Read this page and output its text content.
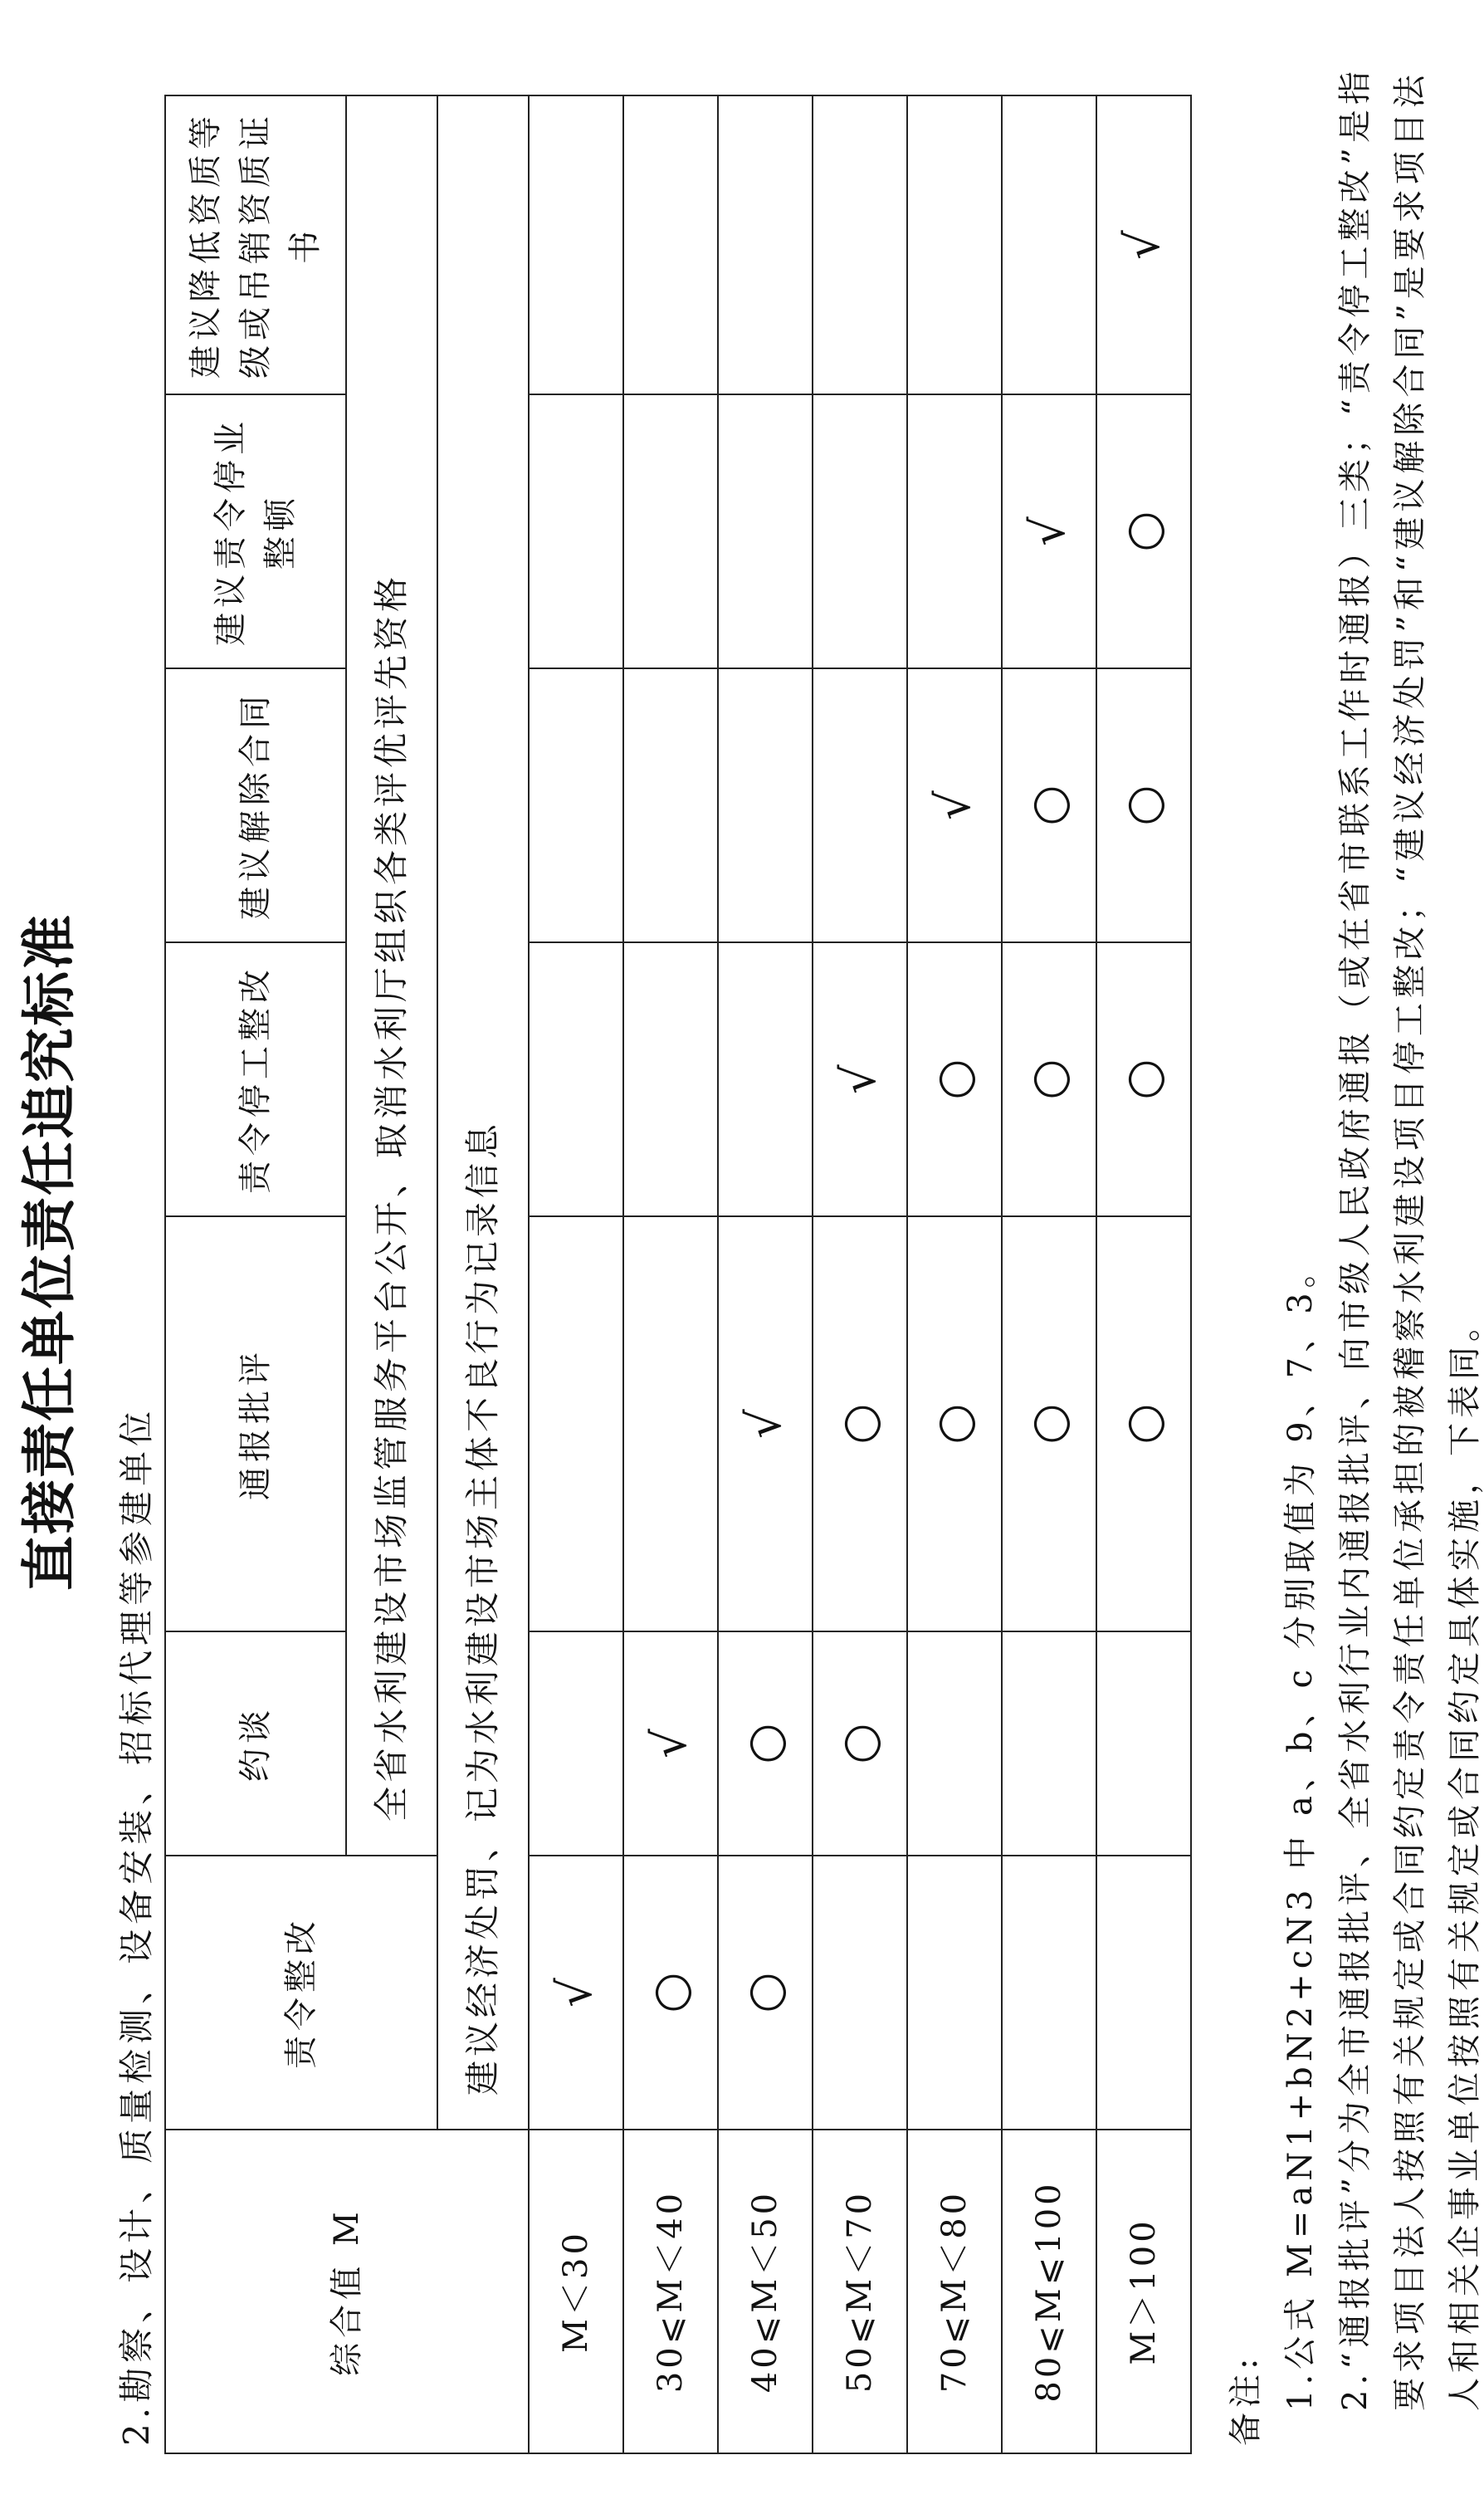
直接责任单位责任追究标准
2.勘察、设计、质量检测、设备安装、招标代理等参建单位	综合值 M	责令整改	约谈	通报批评	责令停工整改	建议解除合同	建议责令停业整顿	建议降低资质等级或吊销资质证书
		全省水利建设市场监管服务平台公开、取消水利厅组织各类评优评先资格					
	建议经济处罚、记为水利建设市场主体不良行为记录信息						
M＜30	√						
30⩽M＜40	○	√					
40⩽M＜50	○	○	√				
50⩽M＜70		○	○	√			
70⩽M＜80			○	○	√		
80⩽M⩽100			○	○	○	√	
M＞100			○	○	○	○	√

备注: 1.公式 M=aN1+bN2+cN3 中 a、b、c 分别取值为 9、7、3。 2.“通报批评”分为全市通报批评、全省水利行业内通报批评、向市级人民政府通报（或在省市联系工作时通报）三类；“责令停工整改”是指要求项目法人按照有关规定或合同约定责令责任单位承担的被稽察水利建设项目停工整改；“建议经济处罚”和“建议解除合同”是要求项目法人和相关企事业单位按照有关规定或合同约定具体实施，下表同。
